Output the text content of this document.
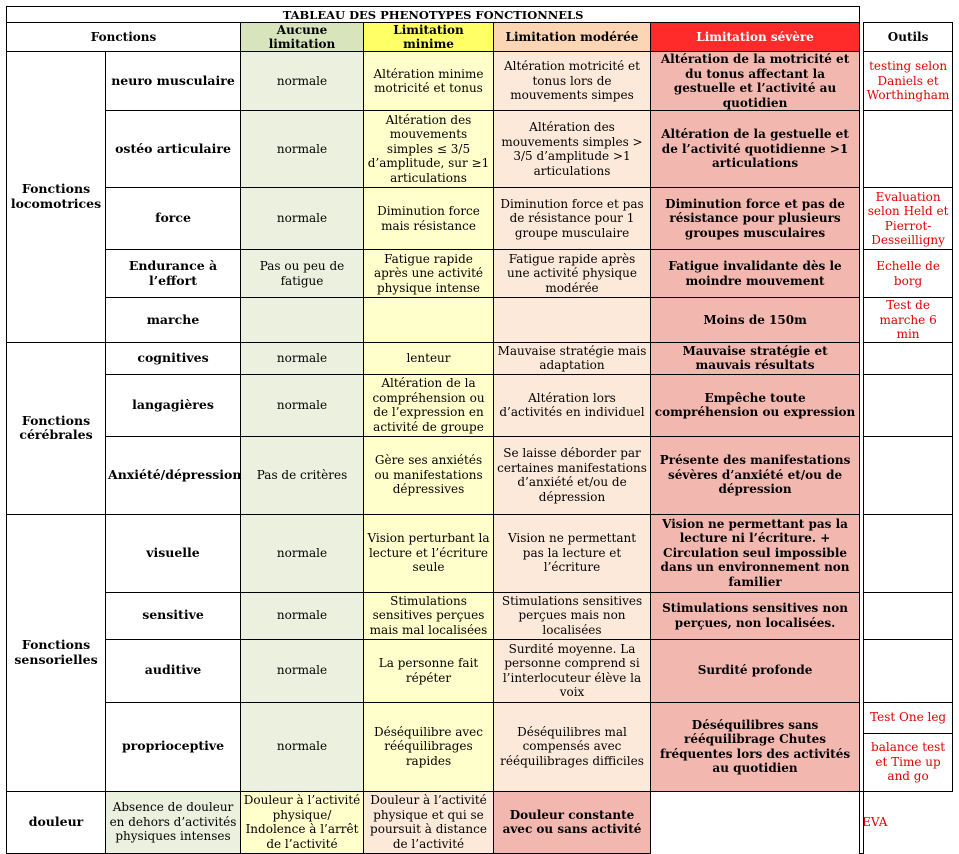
TABLEAU DES PHENOTYPES FONCTIONNELS							
Fonctions		Aucune limitation	Limitation minime	Limitation modérée	Limitation sévère		Outils
Fonctions locomotrices	neuro musculaire	normale	Altération minime motricité et tonus	Altération motricité et tonus lors de mouvements simpes	Altération de la motricité et du tonus affectant la gestuelle et l’activité au quotidien		testing selon Daniels et Worthingham
	ostéo articulaire	normale	Altération des mouvements simples ≤ 3/5 d’amplitude, sur ≥1 articulations	Altération des mouvements simples > 3/5 d’amplitude >1 articulations	Altération de la gestuelle et de l’activité quotidienne >1 articulations		
	force	normale	Diminution force mais résistance	Diminution force et pas de résistance pour 1 groupe musculaire	Diminution force et pas de résistance pour plusieurs groupes musculaires		Evaluation selon Held et Pierrot-Desseilligny
	Endurance à l’effort	Pas ou peu de fatigue	Fatigue rapide après une activité physique intense	Fatigue rapide après une activité physique modérée	Fatigue invalidante dès le moindre mouvement		Echelle de borg
	marche				Moins de 150m		Test de marche 6 min
Fonctions cérébrales	cognitives	normale	lenteur	Mauvaise stratégie mais adaptation	Mauvaise stratégie et mauvais résultats		
	langagières	normale	Altération de la compréhension ou de l’expression en activité de groupe	Altération lors d’activités en individuel	Empêche toute compréhension ou expression		
	Anxiété/dépression	Pas de critères	Gère ses anxiétés ou manifestations dépressives	Se laisse déborder par certaines manifestations d’anxiété et/ou de dépression	Présente des manifestations sévères d’anxiété et/ou de dépression		
Fonctions sensorielles	visuelle	normale	Vision perturbant la lecture et l’écriture seule	Vision ne permettant pas la lecture et l’écriture	Vision ne permettant pas la lecture ni l’écriture. + Circulation seul impossible dans un environnement non familier		
	sensitive	normale	Stimulations sensitives perçues mais mal localisées	Stimulations sensitives perçues mais non localisées	Stimulations sensitives non perçues, non localisées.		
	auditive	normale	La personne fait répéter	Surdité moyenne. La personne comprend si l’interlocuteur élève la voix	Surdité profonde		
	proprioceptive	normale	Déséquilibre avec rééquilibrages rapides	Déséquilibres mal compensés avec rééquilibrages difficiles	Déséquilibres sans rééquilibrage Chutes fréquentes lors des activités au quotidien		Test One leg
							balance test et Time up and go
douleur	Absence de douleur en dehors d’activités physiques intenses	Douleur à l’activité physique/ Indolence à l’arrêt de l’activité	Douleur à l’activité physique et qui se poursuit à distance de l’activité	Douleur constante avec ou sans activité		EVA	
